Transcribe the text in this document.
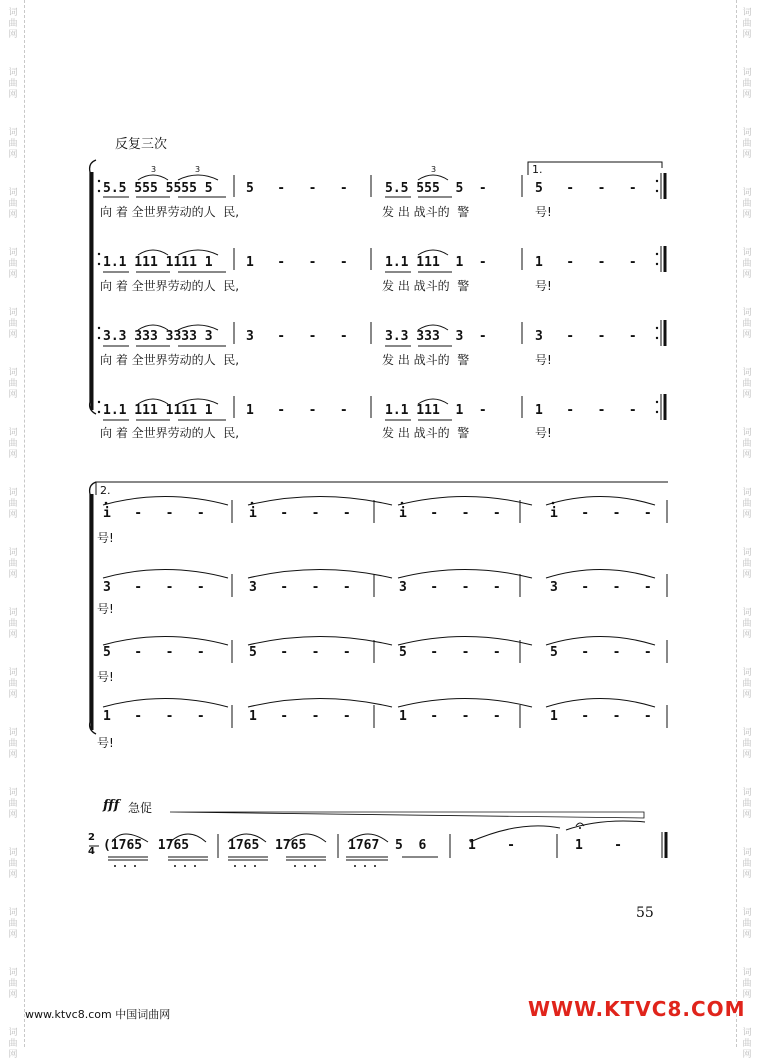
词
曲
网
词
曲
网
词
曲
网
词
曲
网
词
曲
网
词
曲
网
词
曲
网
词
曲
网
词
曲
网
词
曲
网
词
曲
网
词
曲
网
词
曲
网
词
曲
网
词
曲
网
词
曲
网
词
曲
网
词
曲
网
词
曲
网
词
曲
网
词
曲
网
词
曲
网
词
曲
网
词
曲
网
词
曲
网
词
曲
网
词
曲
网
词
曲
网
词
曲
网
词
曲
网
词
曲
网
词
曲
网
词
曲
网
词
曲
网
词
曲
网
词
曲
网
反复三次
1.
2.
3	3	3
5.5 555 5555 5	5   -   -   -	5.5 555  5  -	5   -   -   -
向 着 全世界劳动的人  民,	发 出 战斗的  警	号!
1.1 111 1111 1	1   -   -   -	1.1 111  1  -	1   -   -   -
向 着 全世界劳动的人  民,	发 出 战斗的  警	号!
3.3 333 3333 3	3   -   -   -	3.3 333  3  -	3   -   -   -
向 着 全世界劳动的人  民,	发 出 战斗的  警	号!
1.1 111 1111 1	1   -   -   -	1.1 111  1  -	1   -   -   -
向 着 全世界劳动的人  民,	发 出 战斗的  警	号!
i   -   -   -	i   -   -   -	i   -   -   -	i   -   -   -
号!
3   -   -   -	3   -   -   -	3   -   -   -	3   -   -   -
号!
5   -   -   -	5   -   -   -	5   -   -   -	5   -   -   -
号!
1   -   -   -	1   -   -   -	1   -   -   -	1   -   -   -
号!
fff 急促
2
4 (1765  1765	1765  1765	1767  5  6	1    -	1    -
55
www.ktvc8.com 中国词曲网	WWW.KTVC8.COM
